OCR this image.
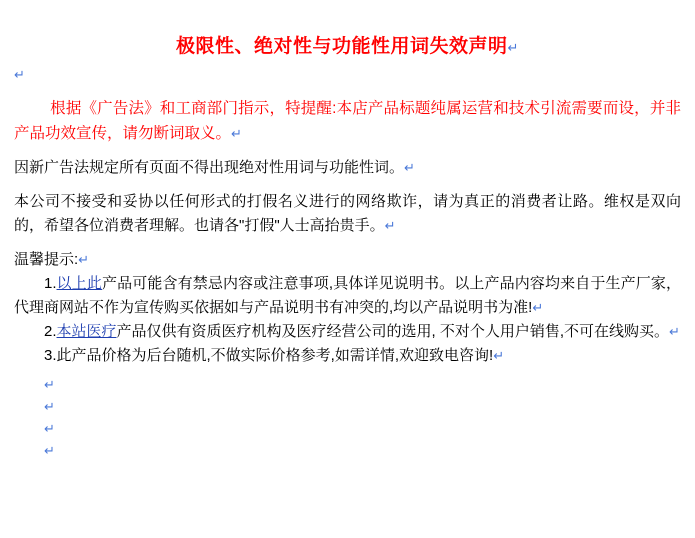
极限性、绝对性与功能性用词失效声明↵
↵
根据《广告法》和工商部门指示，特提醒:本店产品标题纯属运营和技术引流需要而设，并非产品功效宣传，请勿断词取义。↵
因新广告法规定所有页面不得出现绝对性用词与功能性词。↵
本公司不接受和妥协以任何形式的打假名义进行的网络欺诈，请为真正的消费者让路。维权是双向的，希望各位消费者理解。也请各"打假"人士高抬贵手。↵
温馨提示:↵
1.以上此产品可能含有禁忌内容或注意事项,具体详见说明书。以上产品内容均来自于生产厂家，代理商网站不作为宣传购买依据如与产品说明书有冲突的,均以产品说明书为准!↵
2.本站医疗产品仅供有资质医疗机构及医疗经营公司的选用, 不对个人用户销售,不可在线购买。↵
3.此产品价格为后台随机,不做实际价格参考,如需详情,欢迎致电咨询!↵
↵
↵
↵
↵
